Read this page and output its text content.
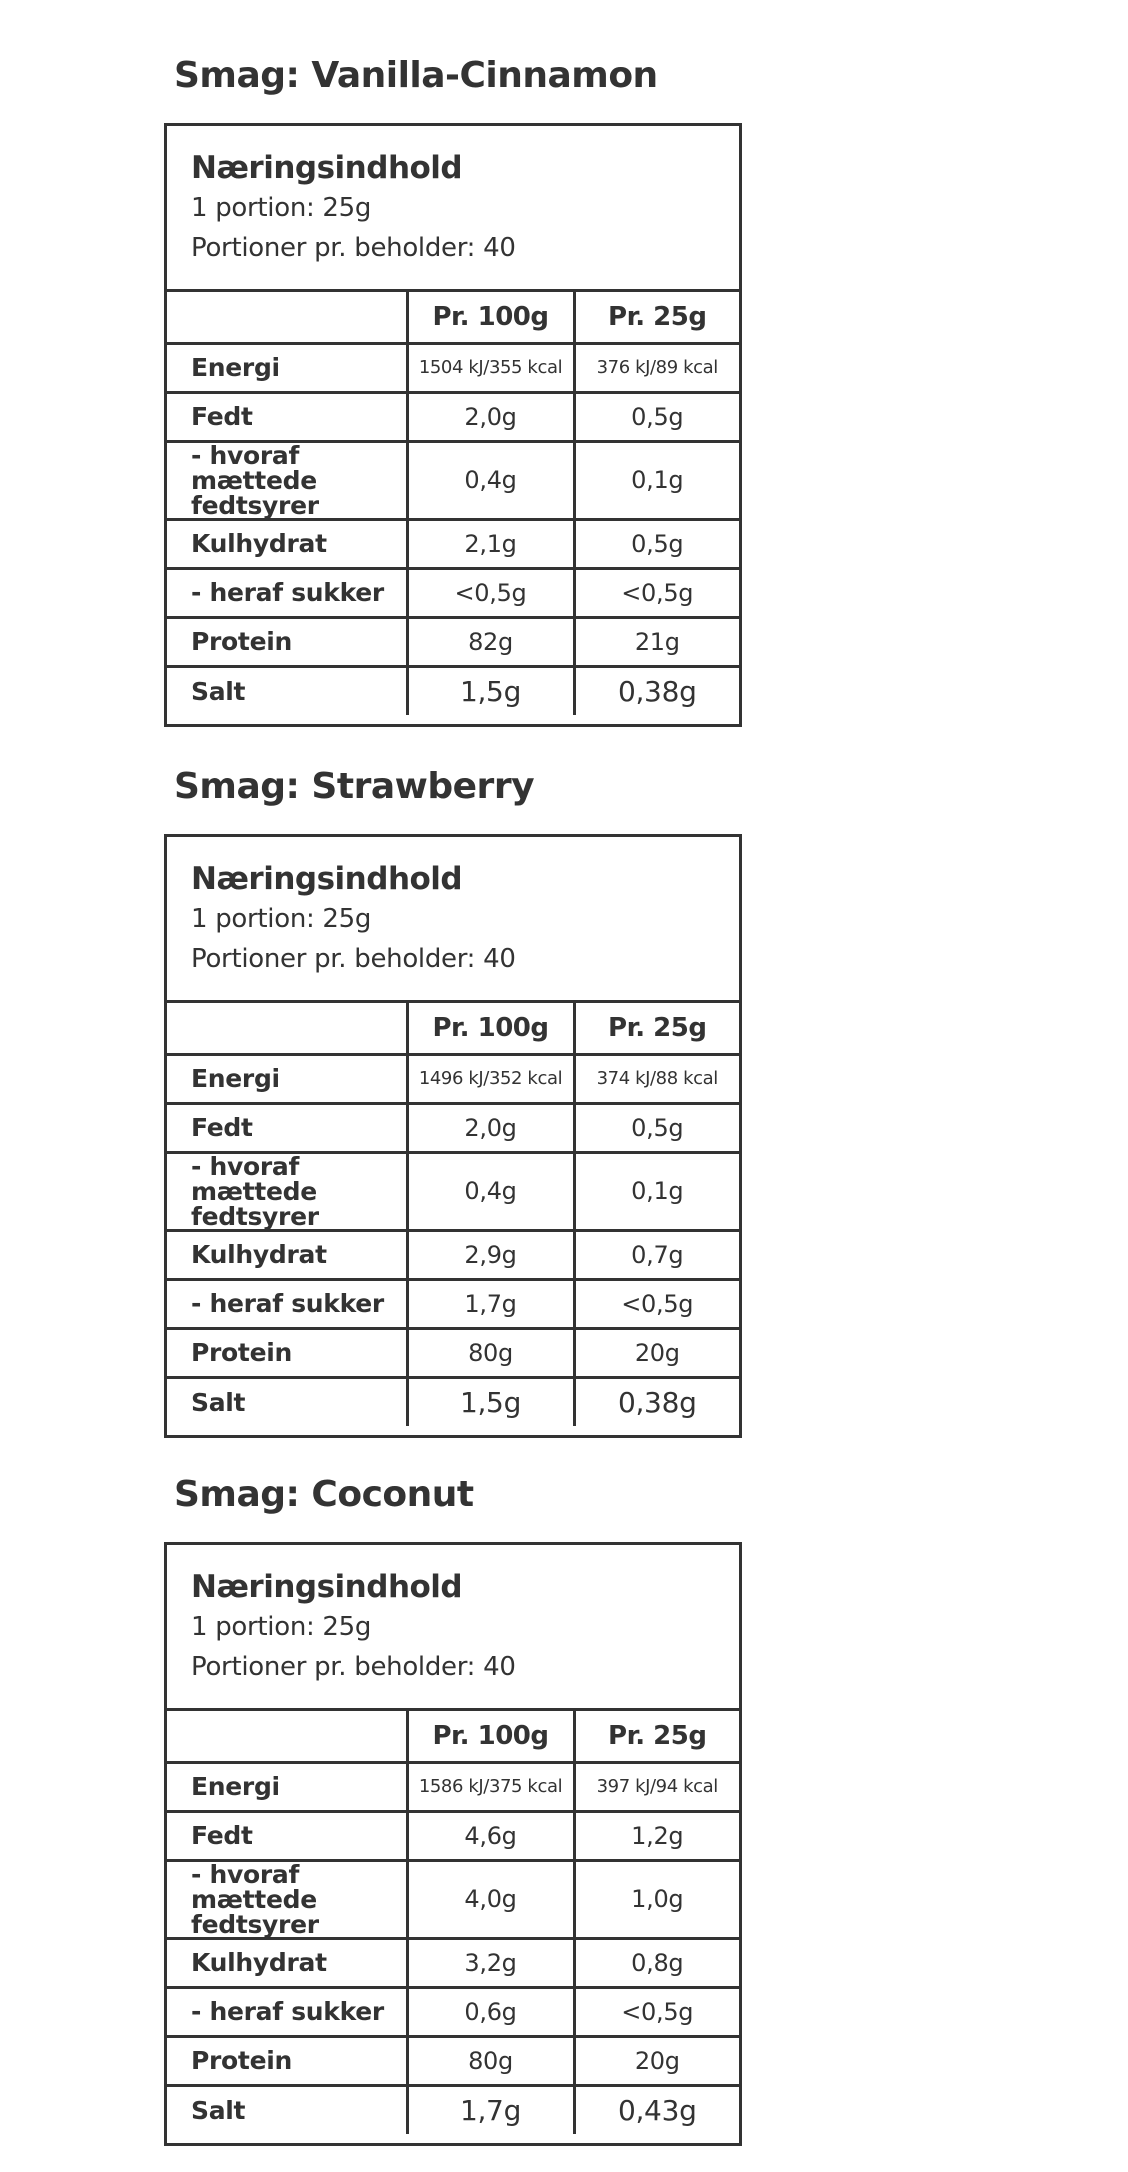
Smag: Vanilla-Cinnamon
Næringsindhold
1 portion: 25g
Portioner pr. beholder: 40
	Pr. 100g	Pr. 25g
Energi	1504 kJ/355 kcal	376 kJ/89 kcal
Fedt	2,0g	0,5g
- hvoraf mættede fedtsyrer	0,4g	0,1g
Kulhydrat	2,1g	0,5g
- heraf sukker	<0,5g	<0,5g
Protein	82g	21g
Salt	1,5g	0,38g
Smag: Strawberry
Næringsindhold
1 portion: 25g
Portioner pr. beholder: 40
	Pr. 100g	Pr. 25g
Energi	1496 kJ/352 kcal	374 kJ/88 kcal
Fedt	2,0g	0,5g
- hvoraf mættede fedtsyrer	0,4g	0,1g
Kulhydrat	2,9g	0,7g
- heraf sukker	1,7g	<0,5g
Protein	80g	20g
Salt	1,5g	0,38g
Smag: Coconut
Næringsindhold
1 portion: 25g
Portioner pr. beholder: 40
	Pr. 100g	Pr. 25g
Energi	1586 kJ/375 kcal	397 kJ/94 kcal
Fedt	4,6g	1,2g
- hvoraf mættede fedtsyrer	4,0g	1,0g
Kulhydrat	3,2g	0,8g
- heraf sukker	0,6g	<0,5g
Protein	80g	20g
Salt	1,7g	0,43g
